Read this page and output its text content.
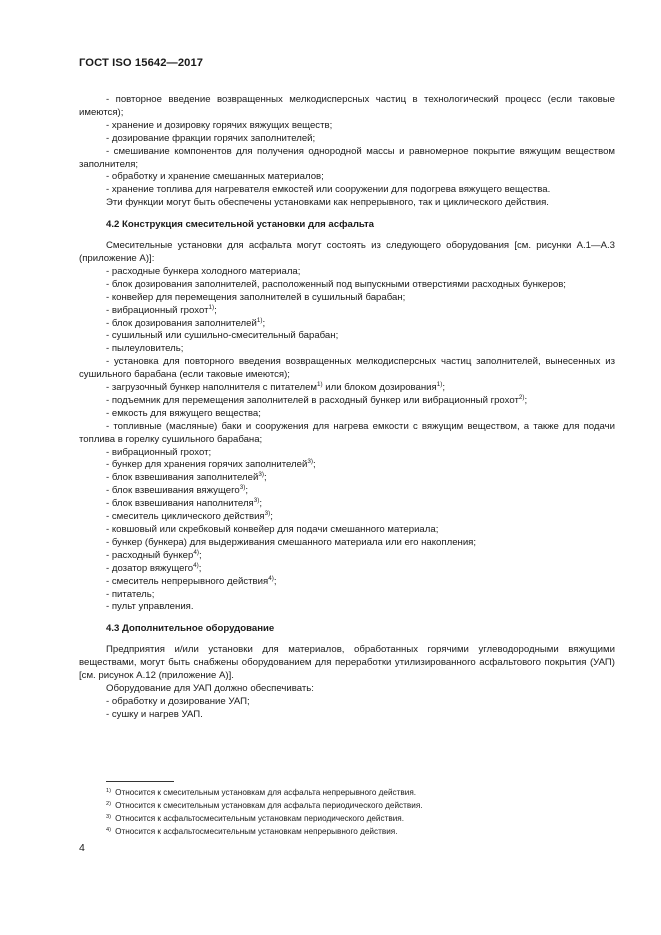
ГОСТ ISO 15642—2017

- повторное введение возвращенных мелкодисперсных частиц в технологический процесс (если таковые имеются);

- хранение и дозировку горячих вяжущих веществ;

- дозирование фракции горячих заполнителей;

- смешивание компонентов для получения однородной массы и равномерное покрытие вяжущим веществом заполнителя;

- обработку и хранение смешанных материалов;

- хранение топлива для нагревателя емкостей или сооружении для подогрева вяжущего вещества.

Эти функции могут быть обеспечены установками как непрерывного, так и циклического действия.

4.2 Конструкция смесительной установки для асфальта

Смесительные установки для асфальта могут состоять из следующего оборудования [см. рисунки А.1—А.3 (приложение А)]:

- расходные бункера холодного материала;

- блок дозирования заполнителей, расположенный под выпускными отверстиями расходных бункеров;

- конвейер для перемещения заполнителей в сушильный барабан;

- вибрационный грохот$^{1)}$;

- блок дозирования заполнителей$^{1)}$;

- сушильный или сушильно-смесительный барабан;

- пылеуловитель;

- установка для повторного введения возвращенных мелкодисперсных частиц заполнителей, вынесенных из сушильного барабана (если таковые имеются);

- загрузочный бункер наполнителя с питателем$^{1)}$ или блоком дозирования$^{1)}$;

- подъемник для перемещения заполнителей в расходный бункер или вибрационный грохот$^{2)}$;

- емкость для вяжущего вещества;

- топливные (масляные) баки и сооружения для нагрева емкости с вяжущим веществом, а также для подачи топлива в горелку сушильного барабана;

- вибрационный грохот;

- бункер для хранения горячих заполнителей$^{3)}$;

- блок взвешивания заполнителей$^{3)}$;

- блок взвешивания вяжущего$^{3)}$;

- блок взвешивания наполнителя$^{3)}$;

- смеситель циклического действия$^{3)}$;

- ковшовый или скребковый конвейер для подачи смешанного материала;

- бункер (бункера) для выдерживания смешанного материала или его накопления;

- расходный бункер$^{4)}$;

- дозатор вяжущего$^{4)}$;

- смеситель непрерывного действия$^{4)}$;

- питатель;

- пульт управления.

4.3 Дополнительное оборудование

Предприятия и/или установки для материалов, обработанных горячими углеводородными вяжущими веществами, могут быть снабжены оборудованием для переработки утилизированного асфальтового покрытия (УАП) [см. рисунок А.12 (приложение А)].

Оборудование для УАП должно обеспечивать:

- обработку и дозирование УАП;

- сушку и нагрев УАП.

$^{1)}$  Относится к смесительным установкам для асфальта непрерывного действия.

$^{2)}$  Относится к смесительным установкам для асфальта периодического действия.

$^{3)}$  Относится к асфальтосмесительным установкам периодического действия.

$^{4)}$  Относится к асфальтосмесительным установкам непрерывного действия.

4
